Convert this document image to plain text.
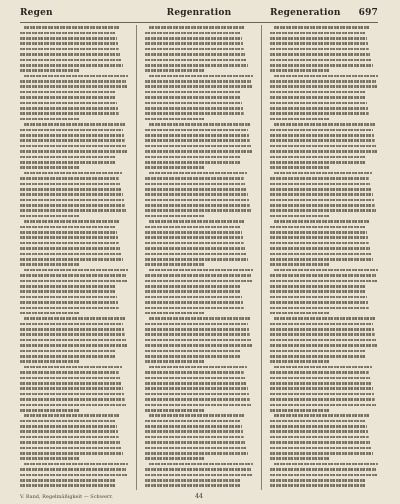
Regen	Regenration	Regeneration 697
V. Band, Regelmäßigkeit — Schwerr.	44
